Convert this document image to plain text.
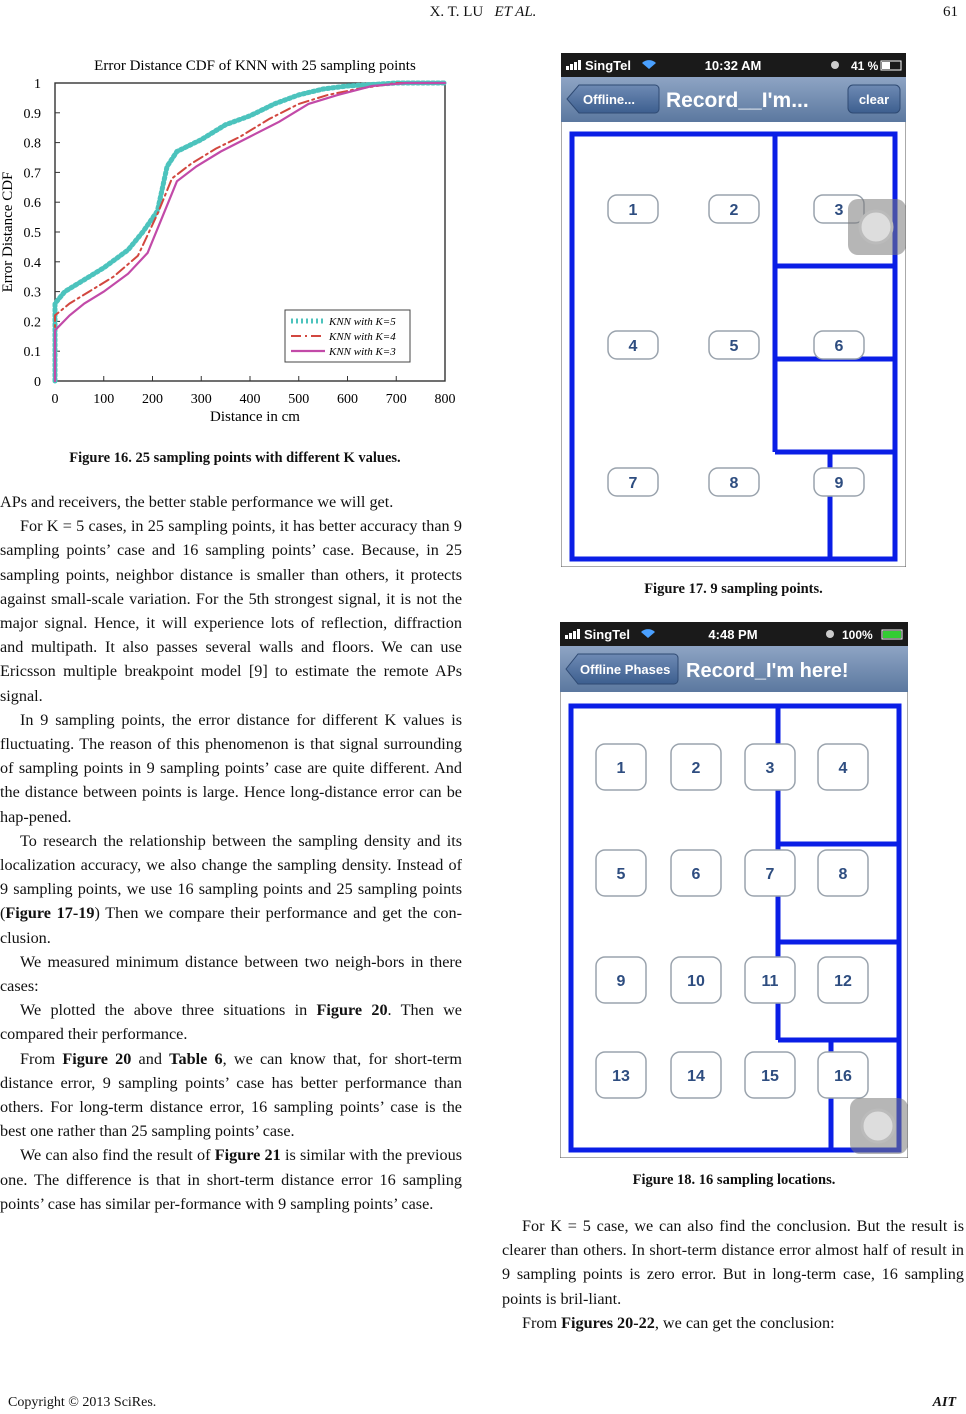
X. T. LU ET AL.	61
Error Distance CDF of KNN with 25 sampling points
0 100 200 300 400 500 600 700 800
0
0.1
0.2
0.3
0.4
0.5
0.6
0.7
0.8
0.9
1
Distance in cm
Error Distance CDF
KNN with K=5
KNN with K=4
KNN with K=3
Figure 16. 25 sampling points with different K values.

APs and receivers, the better stable performance we will get.

For K = 5 cases, in 25 sampling points, it has better accuracy than 9 sampling points’ case and 16 sampling points’ case. Because, in 25 sampling points, neighbor distance is smaller than others, it protects against small-scale variation. For the 5th strongest signal, it is not the major signal. Hence, it will experience lots of reflection, diffraction and multipath. It also passes several walls and floors. We can use Ericsson multiple breakpoint model [9] to estimate the remote APs signal.

In 9 sampling points, the error distance for different K values is fluctuating. The reason of this phenomenon is that signal surrounding of sampling points in 9 sampling points’ case are quite different. And the distance between points is large. Hence long-distance error can be hap-pened.

To research the relationship between the sampling density and its localization accuracy, we also change the sampling density. Instead of 9 sampling points, we use 16 sampling points and 25 sampling points (Figure 17-19) Then we compare their performance and get the con-clusion.

We measured minimum distance between two neigh-bors in there cases:

We plotted the above three situations in Figure 20. Then we compared their performance.

From Figure 20 and Table 6, we can know that, for short-term distance error, 9 sampling points’ case has better performance than others. For long-term distance error, 16 sampling points’ case is the best one rather than 25 sampling points’ case.

We can also find the result of Figure 21 is similar with the previous one. The difference is that in short-term distance error 16 sampling points’ case has similar per-formance with 9 sampling points’ case.

SingTel	10:32 AM	41 %
Offline... Record__I'm...	clear
1	2	3
4	5	6
7	8	9
Figure 17. 9 sampling points.
SingTel	4:48 PM	100%
Offline Phases Record_I'm here!
1	2	3	4
5	6	7	8
9	10	11	12
13	14	15	16
Figure 18. 16 sampling locations.

For K = 5 case, we can also find the conclusion. But the result is clearer than others. In short-term distance error almost half of result in 9 sampling points is zero error. But in long-term case, 16 sampling points is bril-liant.

From Figures 20-22, we can get the conclusion:

Copyright © 2013 SciRes.	AIT
